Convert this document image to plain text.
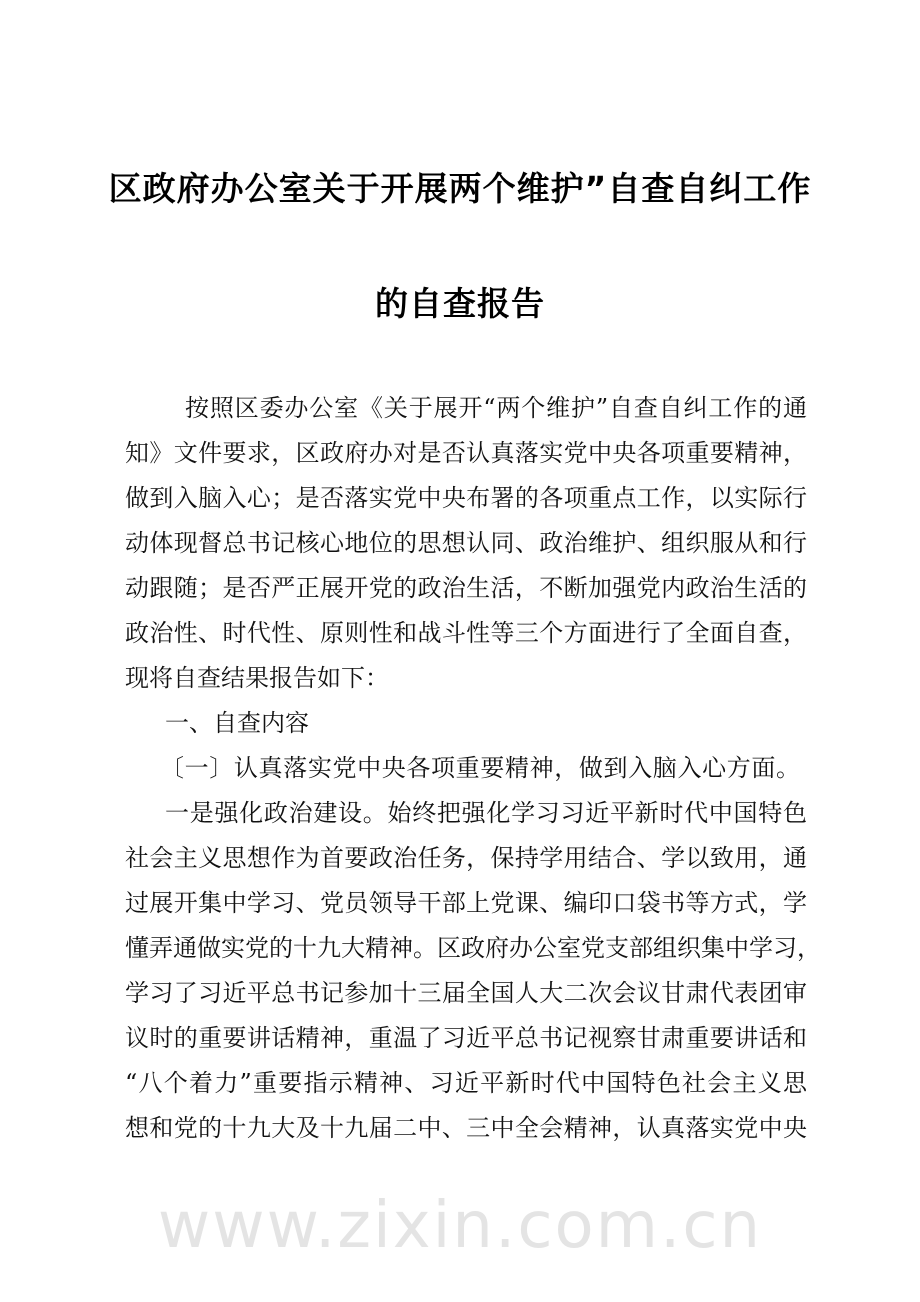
区政府办公室关于开展两个维护”自查自纠工作
的自查报告
按照区委办公室《关于展开“两个维护”自查自纠工作的通
知》文件要求，区政府办对是否认真落实党中央各项重要精神，
做到入脑入心；是否落实党中央布署的各项重点工作，以实际行
动体现督总书记核心地位的思想认同、政治维护、组织服从和行
动跟随；是否严正展开党的政治生活，不断加强党内政治生活的
政治性、时代性、原则性和战斗性等三个方面进行了全面自查，
现将自查结果报告如下：
一、自查内容
〔一〕认真落实党中央各项重要精神，做到入脑入心方面。
一是强化政治建设。始终把强化学习习近平新时代中国特色
社会主义思想作为首要政治任务，保持学用结合、学以致用，通
过展开集中学习、党员领导干部上党课、编印口袋书等方式，学
懂弄通做实党的十九大精神。区政府办公室党支部组织集中学习，
学习了习近平总书记参加十三届全国人大二次会议甘肃代表团审
议时的重要讲话精神，重温了习近平总书记视察甘肃重要讲话和
“八个着力”重要指示精神、习近平新时代中国特色社会主义思
想和党的十九大及十九届二中、三中全会精神，认真落实党中央
www.zixin.com.cn
